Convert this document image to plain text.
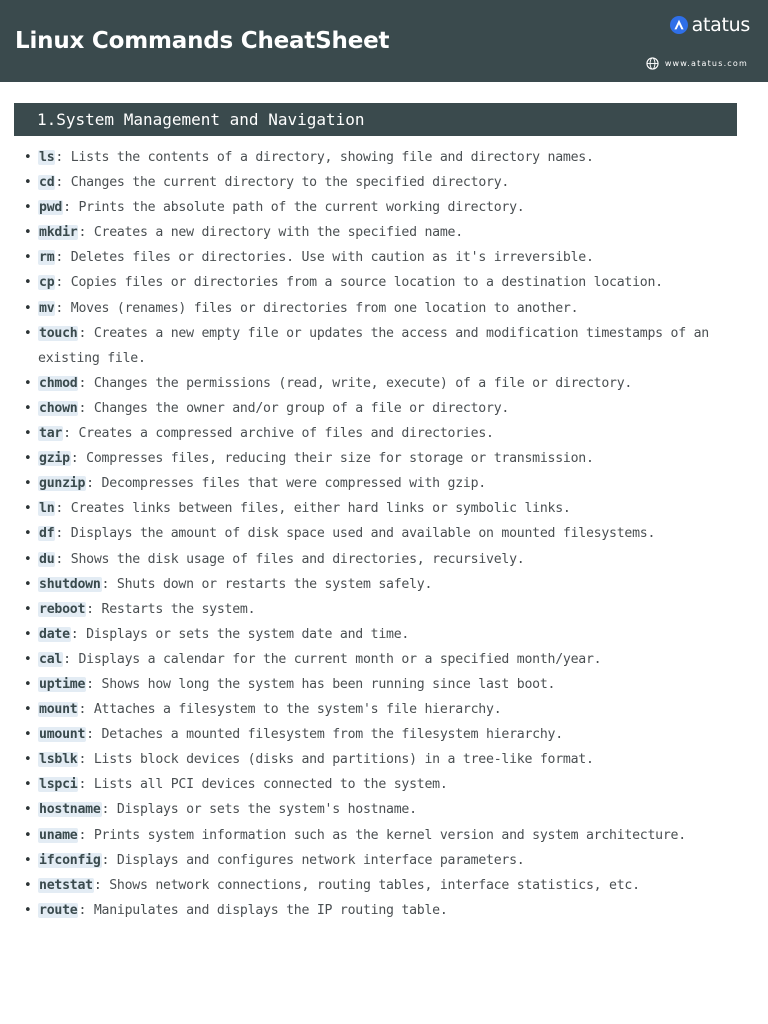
Linux Commands CheatSheet
atatus
www.atatus.com
1.System Management and Navigation
• ls: Lists the contents of a directory, showing file and directory names.
• cd: Changes the current directory to the specified directory.
• pwd: Prints the absolute path of the current working directory.
• mkdir: Creates a new directory with the specified name.
• rm: Deletes files or directories. Use with caution as it's irreversible.
• cp: Copies files or directories from a source location to a destination location.
• mv: Moves (renames) files or directories from one location to another.
• touch: Creates a new empty file or updates the access and modification timestamps of an existing file.
• chmod: Changes the permissions (read, write, execute) of a file or directory.
• chown: Changes the owner and/or group of a file or directory.
• tar: Creates a compressed archive of files and directories.
• gzip: Compresses files, reducing their size for storage or transmission.
• gunzip: Decompresses files that were compressed with gzip.
• ln: Creates links between files, either hard links or symbolic links.
• df: Displays the amount of disk space used and available on mounted filesystems.
• du: Shows the disk usage of files and directories, recursively.
• shutdown: Shuts down or restarts the system safely.
• reboot: Restarts the system.
• date: Displays or sets the system date and time.
• cal: Displays a calendar for the current month or a specified month/year.
• uptime: Shows how long the system has been running since last boot.
• mount: Attaches a filesystem to the system's file hierarchy.
• umount: Detaches a mounted filesystem from the filesystem hierarchy.
• lsblk: Lists block devices (disks and partitions) in a tree-like format.
• lspci: Lists all PCI devices connected to the system.
• hostname: Displays or sets the system's hostname.
• uname: Prints system information such as the kernel version and system architecture.
• ifconfig: Displays and configures network interface parameters.
• netstat: Shows network connections, routing tables, interface statistics, etc.
• route: Manipulates and displays the IP routing table.
